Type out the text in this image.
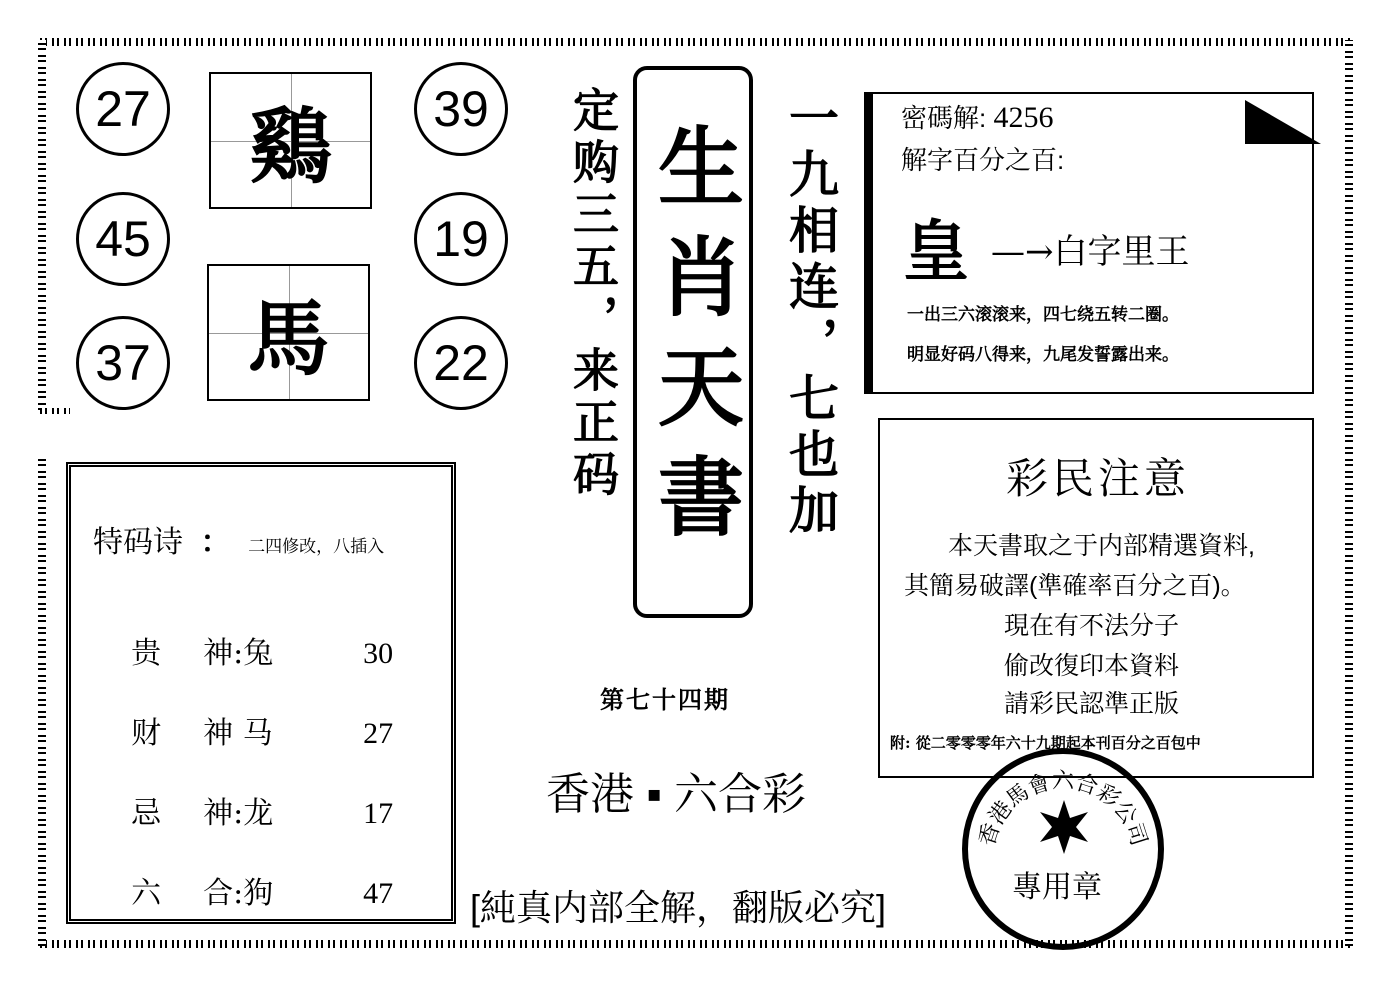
27
45
37
39
19
22
鷄
馬	定购三五，来正码 生肖天書 一九相连，七也加
第七十四期
香港 ▪ 六合彩
特码诗 ： 二四修改，八插入

贵 神:兔	30

财 神 马	27

忌 神:龙	17

六 合:狗	47
[純真内部全解，翻版必究]
密碼解: 4256
解字百分之百:
皇 —→白字里王
一出三六滚滚来，四七绕五转二圈。
明显好码八得来，九尾发誓露出来。
彩民注意
本天書取之于内部精選資料,
其簡易破譯(準確率百分之百)。
現在有不法分子
偷改復印本資料
請彩民認準正版
附: 從二零零零年六十九期起本刊百分之百包中
香港馬會六合彩公司
專用章
